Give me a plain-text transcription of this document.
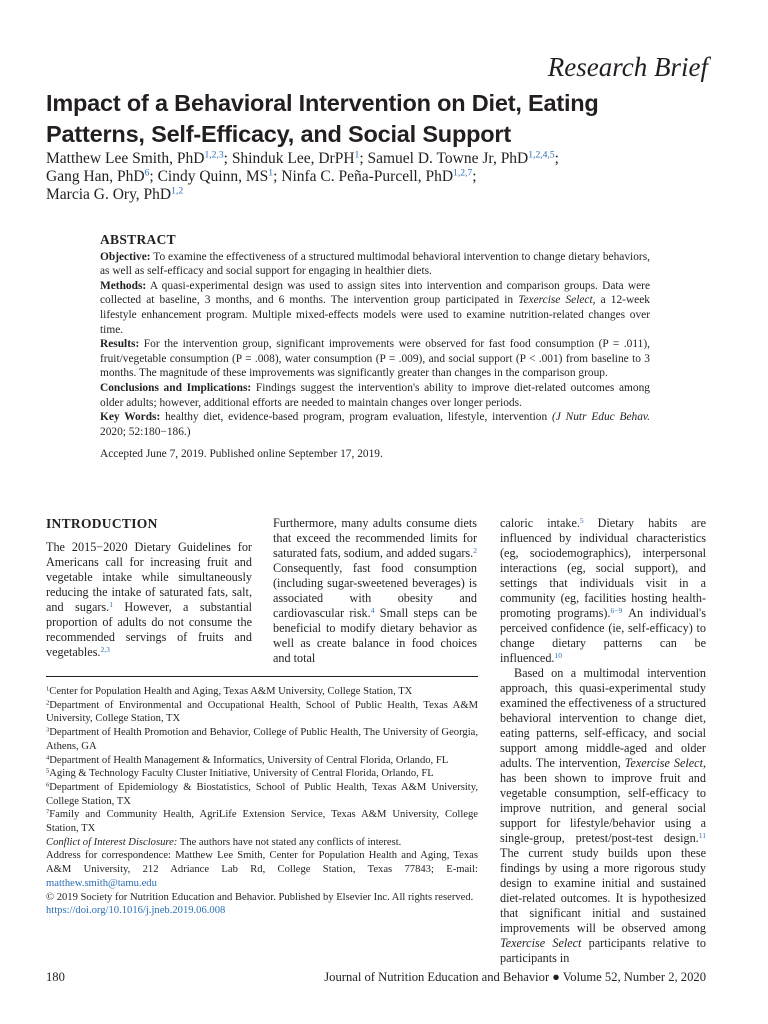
Research Brief
Impact of a Behavioral Intervention on Diet, Eating Patterns, Self-Efficacy, and Social Support
Matthew Lee Smith, PhD$^{1,2,3}$; Shinduk Lee, DrPH$^1$; Samuel D. Towne Jr, PhD$^{1,2,4,5}$;
Gang Han, PhD$^6$; Cindy Quinn, $MS^1$; Ninfa C. Peña-Purcell, PhD$^{1,2,7}$;
Marcia G. Ory, PhD$^{1,2}$

ABSTRACT

Objective: To examine the effectiveness of a structured multimodal behavioral intervention to change dietary behaviors, as well as self-efficacy and social support for engaging in healthier diets.

Methods: A quasi-experimental design was used to assign sites into intervention and comparison groups. Data were collected at baseline, 3 months, and 6 months. The intervention group participated in Texercise Select, a 12-week lifestyle enhancement program. Multiple mixed-effects models were used to examine nutrition-related changes over time.

Results: For the intervention group, significant improvements were observed for fast food consumption (P = .011), fruit/vegetable consumption (P = .008), water consumption (P = .009), and social support (P < .001) from baseline to 3 months. The magnitude of these improvements was significantly greater than changes in the comparison group.

Conclusions and Implications: Findings suggest the intervention's ability to improve diet-related outcomes among older adults; however, additional efforts are needed to maintain changes over longer periods.

Key Words: healthy diet, evidence-based program, program evaluation, lifestyle, intervention (J Nutr Educ Behav. 2020; 52:180−186.)

Accepted June 7, 2019. Published online September 17, 2019.

INTRODUCTION

The 2015−2020 Dietary Guidelines for Americans call for increasing fruit and vegetable intake while simultaneously reducing the intake of saturated fats, salt, and sugars.$^1$ However, a substantial proportion of adults do not consume the recommended servings of fruits and vegetables.$^{2,3}$

Furthermore, many adults consume diets that exceed the recommended limits for saturated fats, sodium, and added sugars.$^2$ Consequently, fast food consumption (including sugar-sweetened beverages) is associated with obesity and cardiovascular risk.$^4$ Small steps can be beneficial to modify dietary behavior as well as create balance in food choices and total

caloric intake.$^5$ Dietary habits are influenced by individual characteristics (eg, sociodemographics), interpersonal interactions (eg, social support), and settings that individuals visit in a community (eg, facilities hosting health-promoting programs).$^{6-9}$ An individual's perceived confidence (ie, self-efficacy) to change dietary patterns can be influenced.$^{10}$

Based on a multimodal intervention approach, this quasi-experimental study examined the effectiveness of a structured behavioral intervention to change diet, eating patterns, self-efficacy, and social support among middle-aged and older adults. The intervention, Texercise Select, has been shown to improve fruit and vegetable consumption, self-efficacy to improve nutrition, and general social support for lifestyle/behavior using a single-group, pretest/post-test design.$^{11}$ The current study builds upon these findings by using a more rigorous study design to examine initial and sustained diet-related outcomes. It is hypothesized that significant initial and sustained improvements will be observed among Texercise Select participants relative to participants in

$^1$Center for Population Health and Aging, Texas A&M University, College Station, TX

$^2$Department of Environmental and Occupational Health, School of Public Health, Texas A&M University, College Station, TX

$^3$Department of Health Promotion and Behavior, College of Public Health, The University of Georgia, Athens, GA

$^4$Department of Health Management & Informatics, University of Central Florida, Orlando, FL

$^5$Aging & Technology Faculty Cluster Initiative, University of Central Florida, Orlando, FL

$^6$Department of Epidemiology & Biostatistics, School of Public Health, Texas A&M University, College Station, TX

$^7$Family and Community Health, AgriLife Extension Service, Texas A&M University, College Station, TX

Conflict of Interest Disclosure: The authors have not stated any conflicts of interest.

Address for correspondence: Matthew Lee Smith, Center for Population Health and Aging, Texas A&M University, 212 Adriance Lab Rd, College Station, Texas 77843; E-mail: matthew.smith@tamu.edu

© 2019 Society for Nutrition Education and Behavior. Published by Elsevier Inc. All rights reserved.

https://doi.org/10.1016/j.jneb.2019.06.008

180	Journal of Nutrition Education and Behavior ● Volume 52, Number 2, 2020
